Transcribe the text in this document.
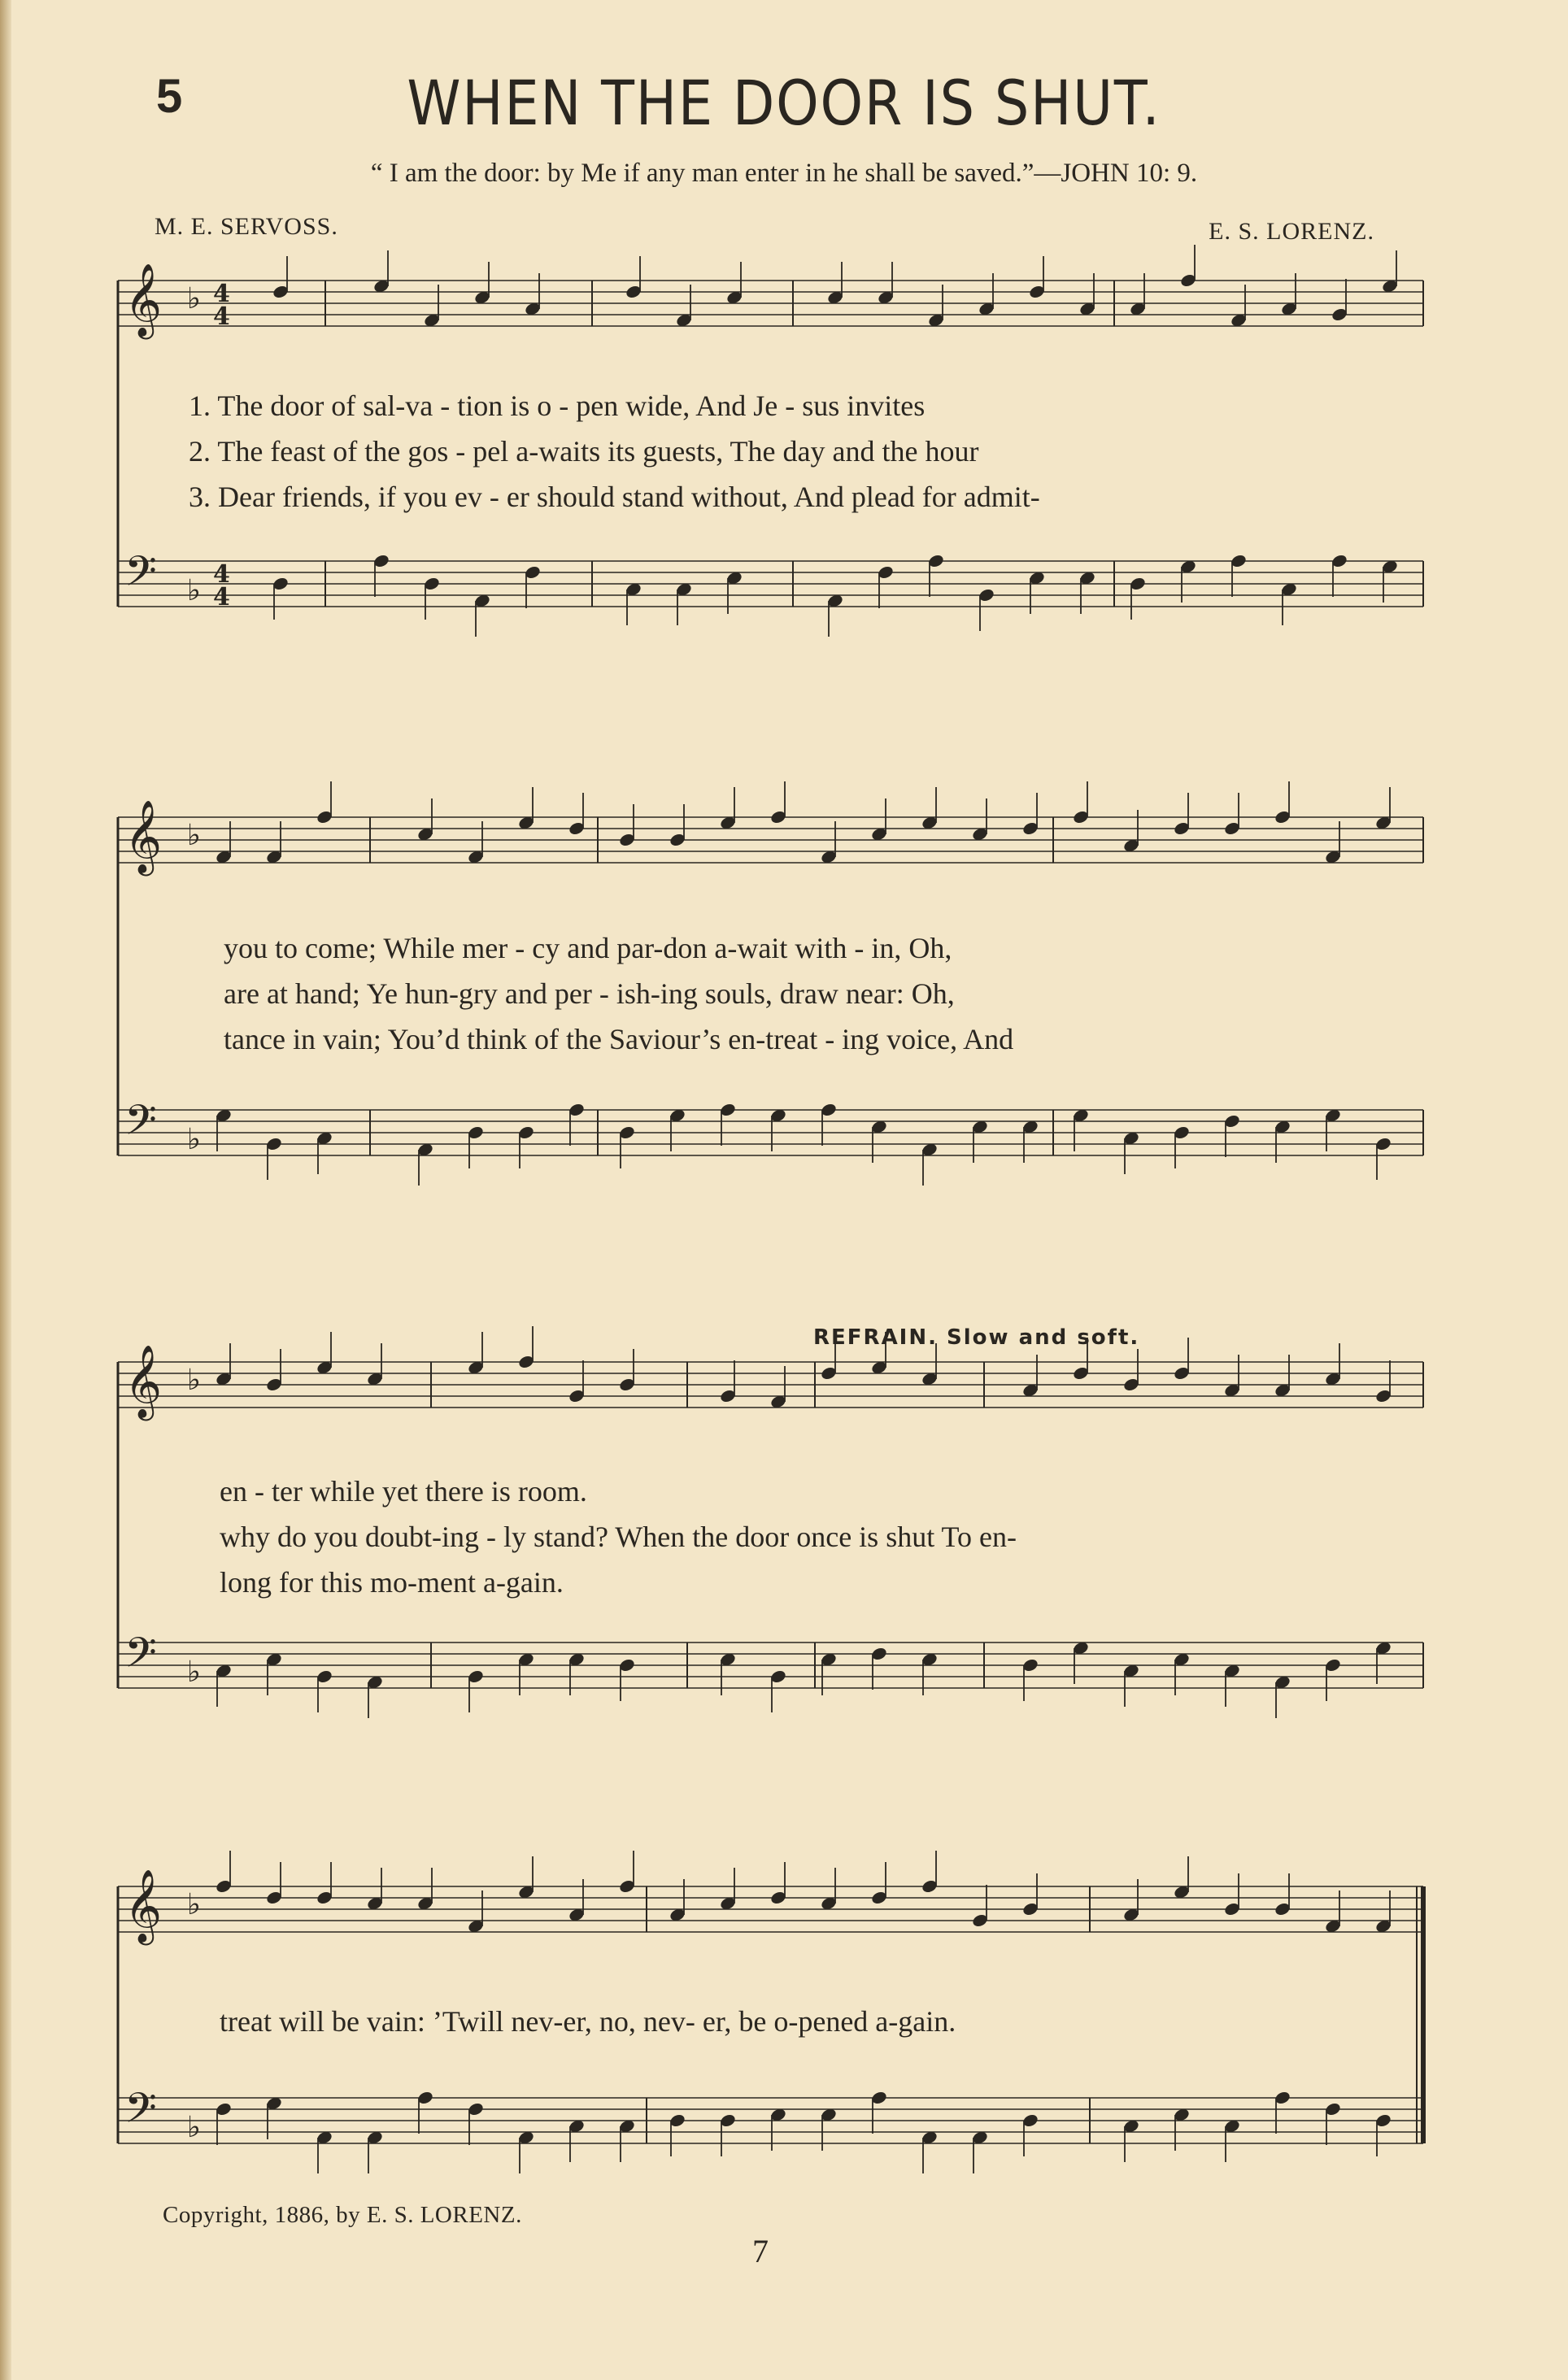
5	WHEN THE DOOR IS SHUT.
“ I am the door: by Me if any man enter in he shall be saved.”—JOHN 10: 9.
M. E. SERVOSS.	E. S. LORENZ.
𝄞 ♭
𝄢 ♭
𝄞 ♭
𝄢 ♭
𝄞 ♭
𝄢 ♭
𝄞 ♭
𝄢 ♭
4
4
4
4
1. The door of sal-va - tion is o - pen wide, And Je - sus invites
2. The feast of the gos - pel a-waits its guests, The day and the hour
3. Dear friends, if you ev - er should stand without, And plead for admit-
you to come; While mer - cy and par-don a-wait with - in, Oh,
are at hand; Ye hun-gry and per - ish-ing souls, draw near: Oh,
tance in vain; You’d think of the Saviour’s en-treat - ing voice, And
REFRAIN. Slow and soft.
en - ter while yet there is room.
why do you doubt-ing - ly stand? When the door once is shut To en-
long for this mo-ment a-gain.
treat will be vain: ’Twill nev-er, no, nev- er, be o-pened a-gain.
Copyright, 1886, by E. S. LORENZ.
7
